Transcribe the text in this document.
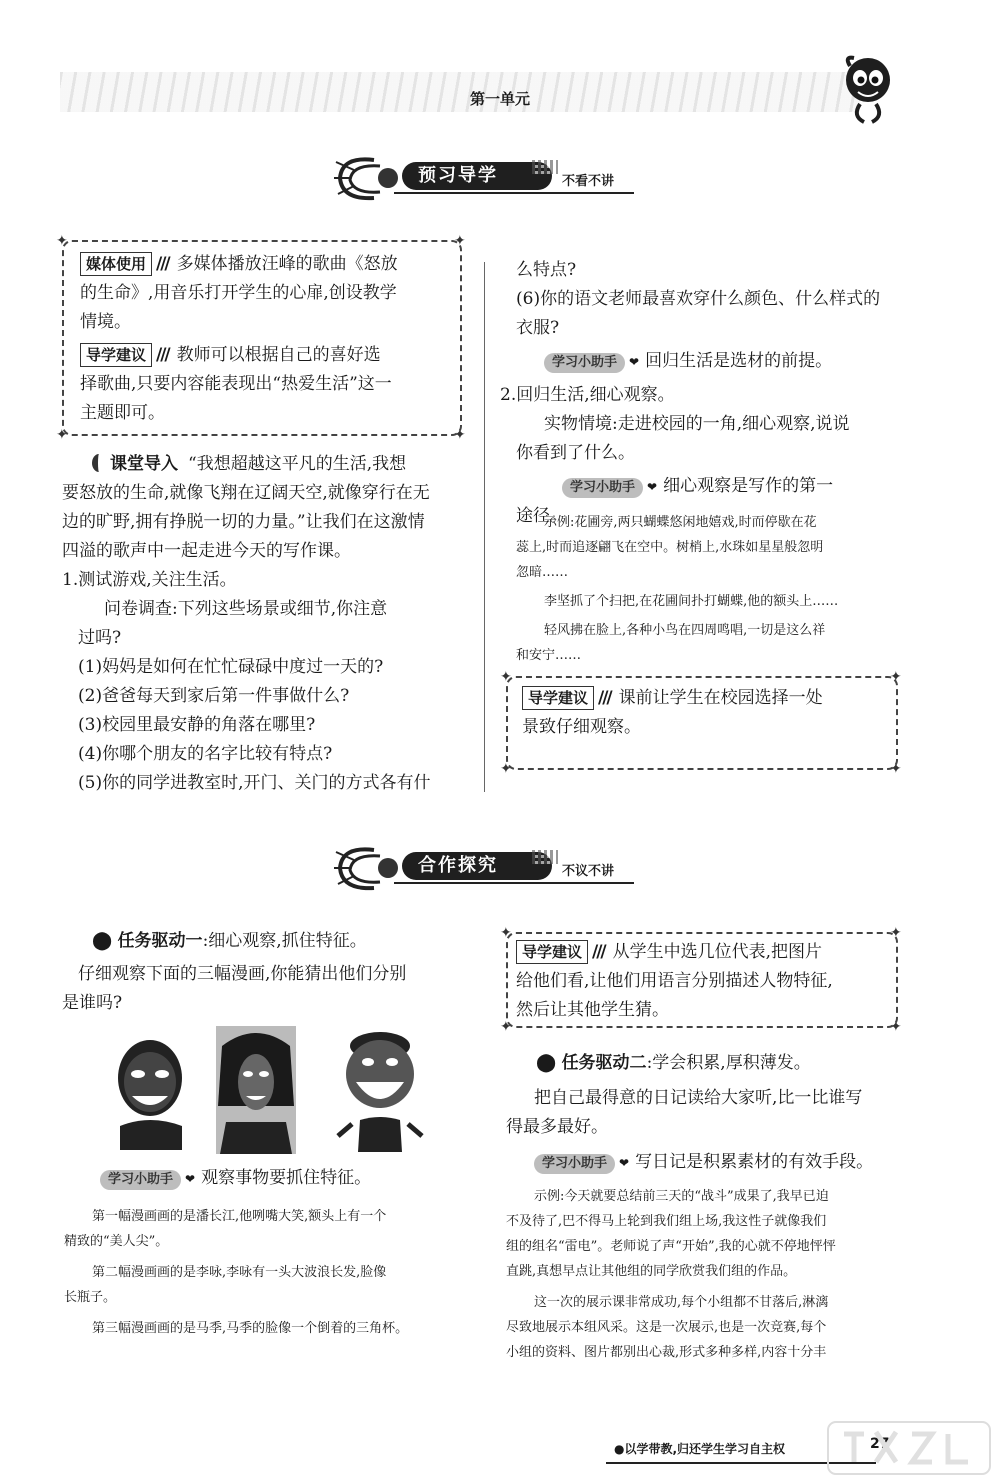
第一单元
预习导学	不看不讲
✦	✦
✦	✦
媒体使用 /// 多媒体播放汪峰的歌曲《怒放
的生命》,用音乐打开学生的心扉,创设教学
情境。
导学建议 /// 教师可以根据自己的喜好选
择歌曲,只要内容能表现出“热爱生活”这一
主题即可。
课堂导入 “我想超越这平凡的生活,我想
要怒放的生命,就像飞翔在辽阔天空,就像穿行在无
边的旷野,拥有挣脱一切的力量。”让我们在这激情
四溢的歌声中一起走进今天的写作课。
1.测试游戏,关注生活。
问卷调查:下列这些场景或细节,你注意
过吗?
(1)妈妈是如何在忙忙碌碌中度过一天的?
(2)爸爸每天到家后第一件事做什么?
(3)校园里最安静的角落在哪里?
(4)你哪个朋友的名字比较有特点?
(5)你的同学进教室时,开门、关门的方式各有什
么特点?
(6)你的语文老师最喜欢穿什么颜色、什么样式的
衣服?
学习小助手 ❤ 回归生活是选材的前提。
2.回归生活,细心观察。
实物情境:走进校园的一角,细心观察,说说
你看到了什么。
学习小助手 ❤ 细心观察是写作的第一
途径。
示例:花圃旁,两只蝴蝶悠闲地嬉戏,时而停歇在花
蕊上,时而追逐翩飞在空中。树梢上,水珠如星星般忽明
忽暗……
李坚抓了个扫把,在花圃间扑打蝴蝶,他的额头上……
轻风拂在脸上,各种小鸟在四周鸣唱,一切是这么祥
和安宁……
✦	✦
✦	✦
导学建议 /// 课前让学生在校园选择一处
景致仔细观察。
合作探究	不议不讲
⬤ 任务驱动一:细心观察,抓住特征。
仔细观察下面的三幅漫画,你能猜出他们分别
是谁吗?
学习小助手 ❤ 观察事物要抓住特征。
第一幅漫画画的是潘长江,他咧嘴大笑,额头上有一个
精致的“美人尖”。
第二幅漫画画的是李咏,李咏有一头大波浪长发,脸像
长瓶子。
第三幅漫画画的是马季,马季的脸像一个倒着的三角杯。
✦	✦
✦	✦
导学建议 /// 从学生中选几位代表,把图片
给他们看,让他们用语言分别描述人物特征,
然后让其他学生猜。
⬤ 任务驱动二:学会积累,厚积薄发。
把自己最得意的日记读给大家听,比一比谁写
得最多最好。
学习小助手 ❤ 写日记是积累素材的有效手段。
示例:今天就要总结前三天的“战斗”成果了,我早已迫
不及待了,巴不得马上轮到我们组上场,我这性子就像我们
组的组名“雷电”。老师说了声“开始”,我的心就不停地怦怦
直跳,真想早点让其他组的同学欣赏我们组的作品。
这一次的展示课非常成功,每个小组都不甘落后,淋漓
尽致地展示本组风采。这是一次展示,也是一次竞赛,每个
小组的资料、图片都别出心裁,形式多种多样,内容十分丰
●以学带教,归还学生学习自主权	27
